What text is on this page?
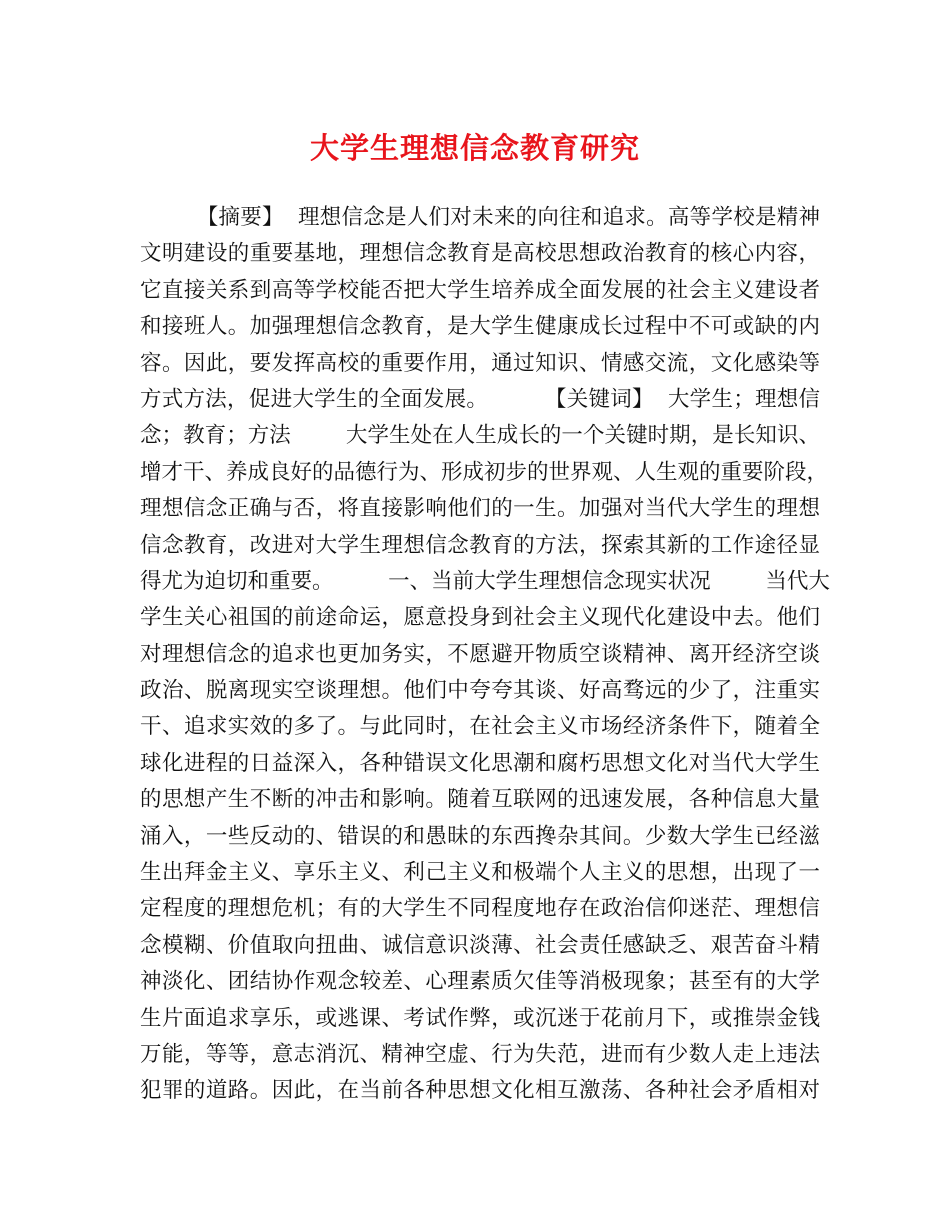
大学生理想信念教育研究
【摘要】  理想信念是人们对未来的向往和追求。高等学校是精神
文明建设的重要基地，理想信念教育是高校思想政治教育的核心内容，
它直接关系到高等学校能否把大学生培养成全面发展的社会主义建设者
和接班人。加强理想信念教育，是大学生健康成长过程中不可或缺的内
容。因此，要发挥高校的重要作用，通过知识、情感交流，文化感染等
方式方法，促进大学生的全面发展。        【关键词】  大学生；理想信
念；教育；方法        大学生处在人生成长的一个关键时期，是长知识、
增才干、养成良好的品德行为、形成初步的世界观、人生观的重要阶段，
理想信念正确与否，将直接影响他们的一生。加强对当代大学生的理想
信念教育，改进对大学生理想信念教育的方法，探索其新的工作途径显
得尤为迫切和重要。        一、当前大学生理想信念现实状况        当代大
学生关心祖国的前途命运，愿意投身到社会主义现代化建设中去。他们
对理想信念的追求也更加务实，不愿避开物质空谈精神、离开经济空谈
政治、脱离现实空谈理想。他们中夸夸其谈、好高骛远的少了，注重实
干、追求实效的多了。与此同时，在社会主义市场经济条件下，随着全
球化进程的日益深入，各种错误文化思潮和腐朽思想文化对当代大学生
的思想产生不断的冲击和影响。随着互联网的迅速发展，各种信息大量
涌入，一些反动的、错误的和愚昧的东西搀杂其间。少数大学生已经滋
生出拜金主义、享乐主义、利己主义和极端个人主义的思想，出现了一
定程度的理想危机；有的大学生不同程度地存在政治信仰迷茫、理想信
念模糊、价值取向扭曲、诚信意识淡薄、社会责任感缺乏、艰苦奋斗精
神淡化、团结协作观念较差、心理素质欠佳等消极现象；甚至有的大学
生片面追求享乐，或逃课、考试作弊，或沉迷于花前月下，或推崇金钱
万能，等等，意志消沉、精神空虚、行为失范，进而有少数人走上违法
犯罪的道路。因此，在当前各种思想文化相互激荡、各种社会矛盾相对
